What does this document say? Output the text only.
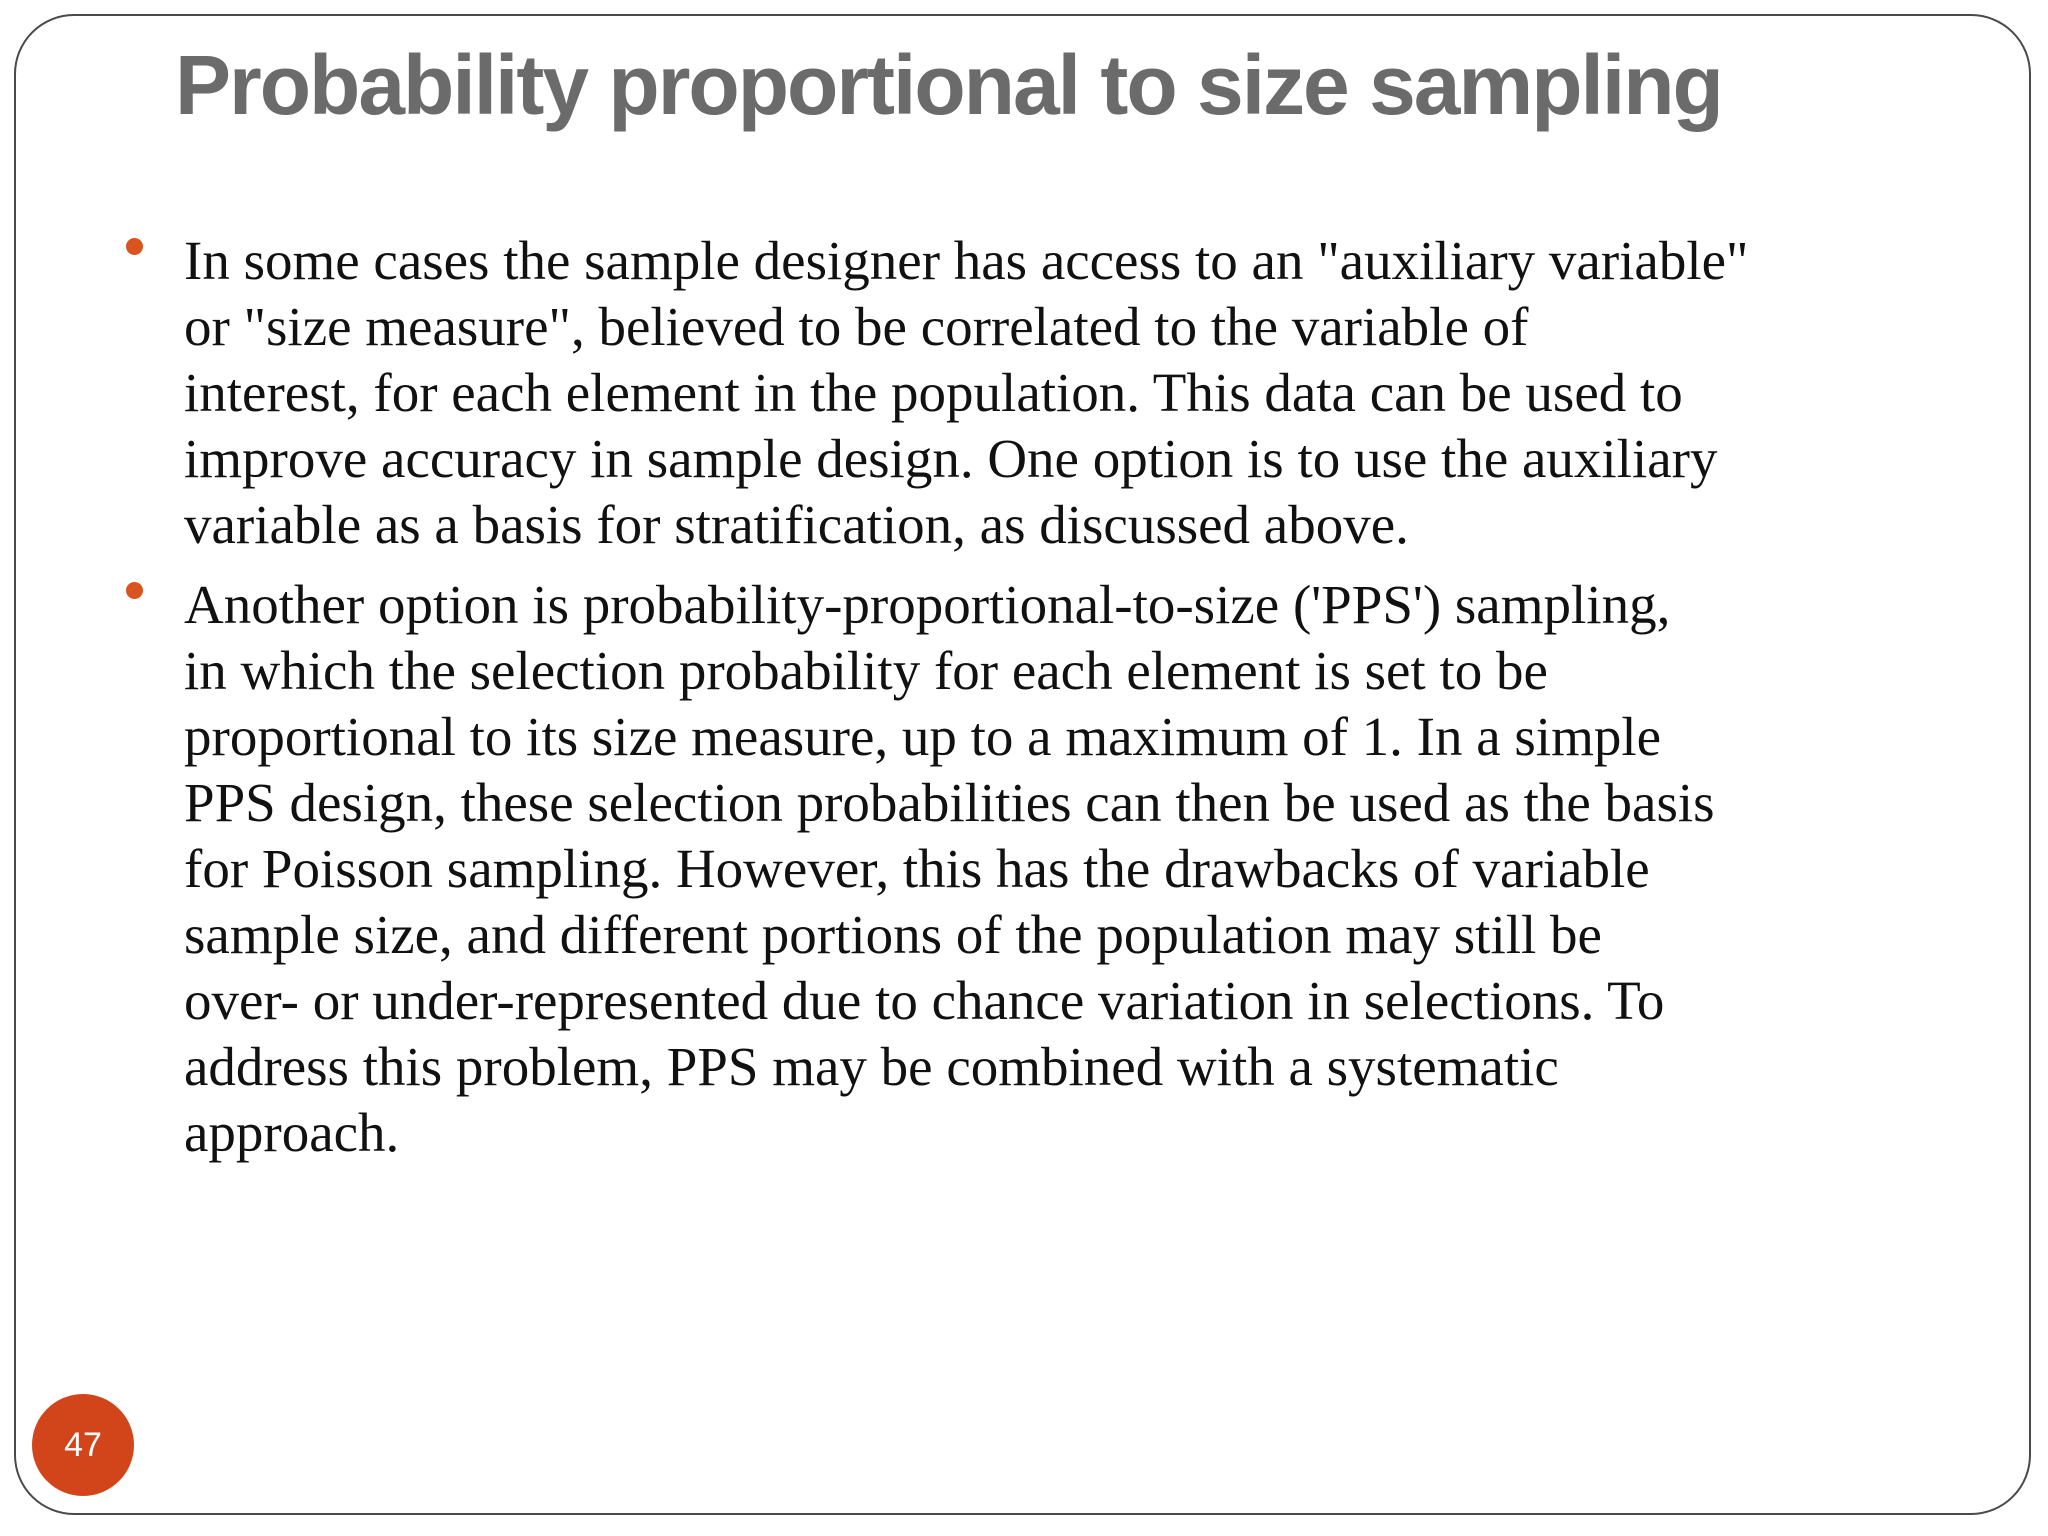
Probability proportional to size sampling
In some cases the sample designer has access to an "auxiliary variable"
or "size measure", believed to be correlated to the variable of
interest, for each element in the population. This data can be used to
improve accuracy in sample design. One option is to use the auxiliary
variable as a basis for stratification, as discussed above.
Another option is probability-proportional-to-size ('PPS') sampling,
in which the selection probability for each element is set to be
proportional to its size measure, up to a maximum of 1. In a simple
PPS design, these selection probabilities can then be used as the basis
for Poisson sampling. However, this has the drawbacks of variable
sample size, and different portions of the population may still be
over- or under-represented due to chance variation in selections. To
address this problem, PPS may be combined with a systematic
approach.
47
